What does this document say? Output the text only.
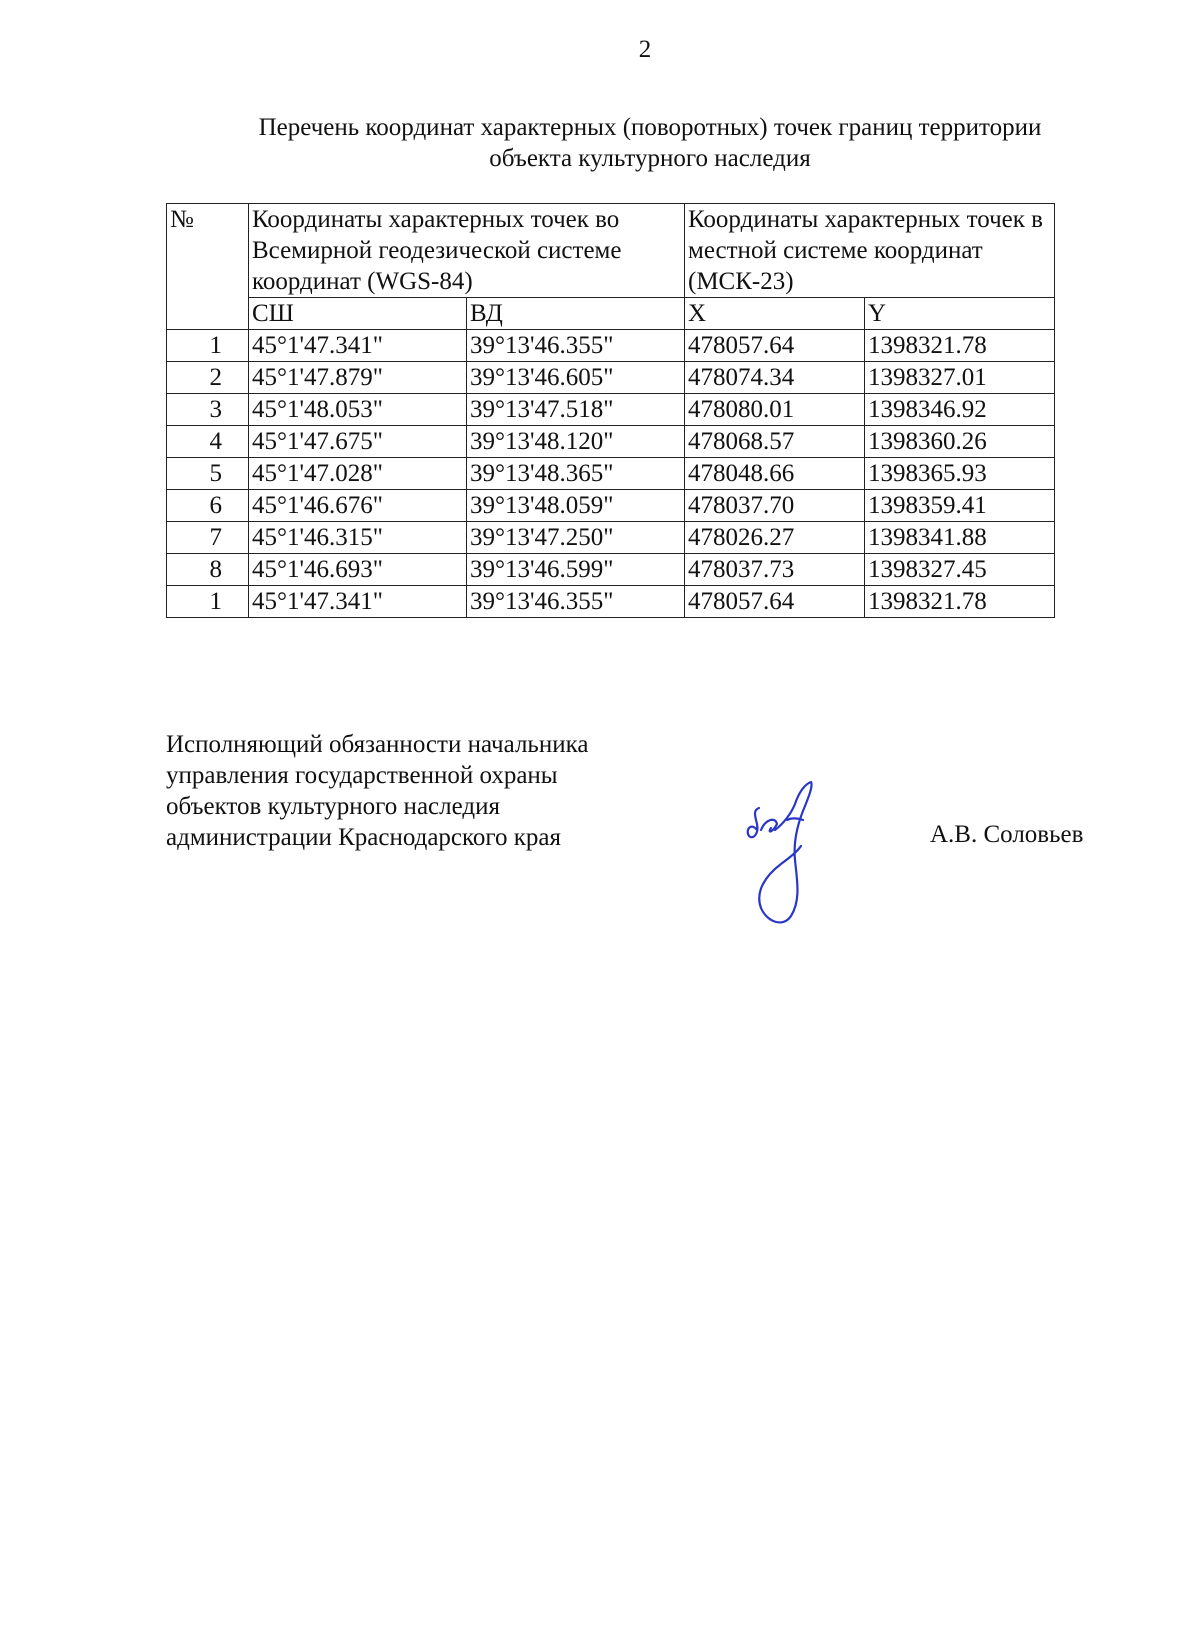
2
Перечень координат характерных (поворотных) точек границ территории
объекта культурного наследия
№	Координаты характерных точек во Всемирной геодезической системе координат (WGS-84)		Координаты характерных точек в местной системе координат (МСК-23)	
	СШ	ВД	X	Y
1	45°1'47.341"	39°13'46.355"	478057.64	1398321.78
2	45°1'47.879"	39°13'46.605"	478074.34	1398327.01
3	45°1'48.053"	39°13'47.518"	478080.01	1398346.92
4	45°1'47.675"	39°13'48.120"	478068.57	1398360.26
5	45°1'47.028"	39°13'48.365"	478048.66	1398365.93
6	45°1'46.676"	39°13'48.059"	478037.70	1398359.41
7	45°1'46.315"	39°13'47.250"	478026.27	1398341.88
8	45°1'46.693"	39°13'46.599"	478037.73	1398327.45
1	45°1'47.341"	39°13'46.355"	478057.64	1398321.78
Исполняющий обязанности начальника
управления государственной охраны
объектов культурного наследия
администрации Краснодарского края	А.В. Соловьев
